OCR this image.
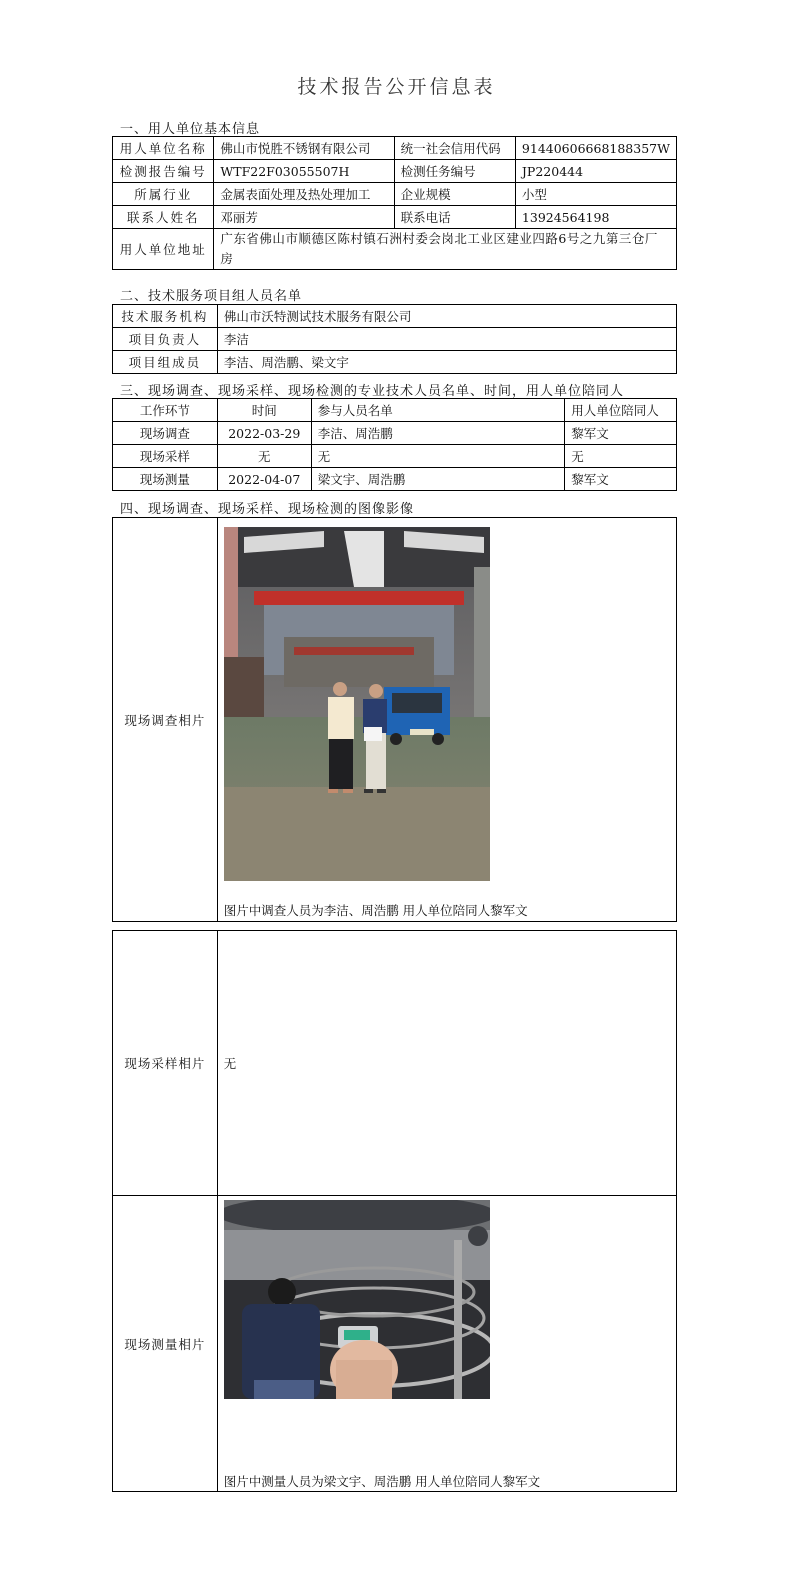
技术报告公开信息表
一、用人单位基本信息
用人单位名称	佛山市悦胜不锈钢有限公司	统一社会信用代码	91440606668188357W
检测报告编号	WTF22F03055507H	检测任务编号	JP220444
所属行业	金属表面处理及热处理加工	企业规模	小型
联系人姓名	邓丽芳	联系电话	13924564198
用人单位地址	广东省佛山市顺德区陈村镇石洲村委会岗北工业区建业四路6号之九第三仓厂房		
二、技术服务项目组人员名单
技术服务机构	佛山市沃特测试技术服务有限公司
项目负责人	李洁
项目组成员	李洁、周浩鹏、梁文宇
三、现场调查、现场采样、现场检测的专业技术人员名单、时间，用人单位陪同人
工作环节	时间	参与人员名单	用人单位陪同人
现场调查	2022-03-29	李洁、周浩鹏	黎军文
现场采样	无	无	无
现场测量	2022-04-07	梁文宇、周浩鹏	黎军文
四、现场调查、现场采样、现场检测的图像影像
现场调查相片	
图片中调查人员为李洁、周浩鹏 用人单位陪同人黎军文
现场采样相片	无
现场测量相片	图片中测量人员为梁文宇、周浩鹏 用人单位陪同人黎军文
